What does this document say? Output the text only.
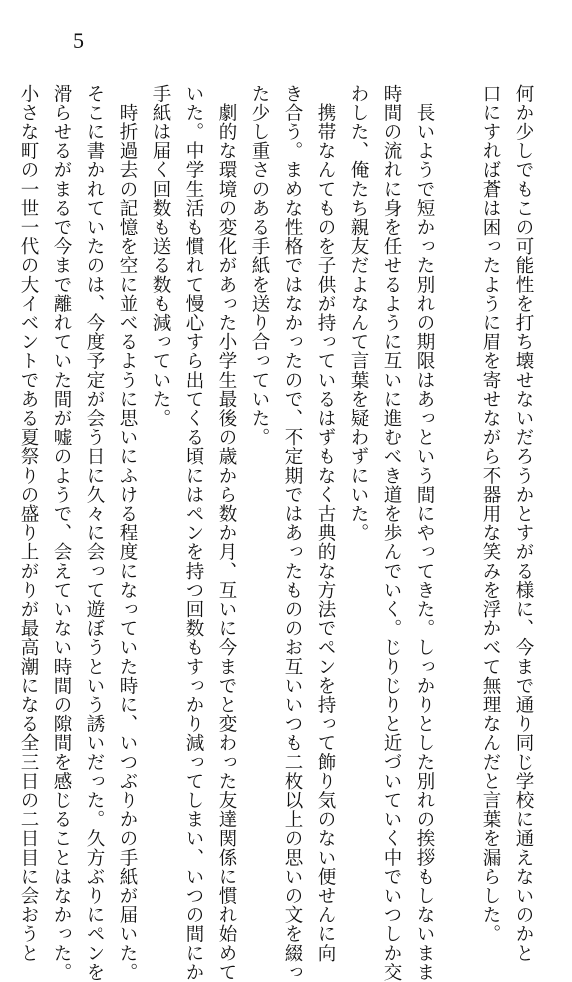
5
何か少しでもこの可能性を打ち壊せないだろうかとすがる様に、今まで通り同じ学校に通えないのかと
口にすれば蒼は困ったように眉を寄せながら不器用な笑みを浮かべて無理なんだと言葉を漏らした。
　長いようで短かった別れの期限はあっという間にやってきた。しっかりとした別れの挨拶もしないまま
時間の流れに身を任せるように互いに進むべき道を歩んでいく。じりじりと近づいていく中でいつしか交
わした、俺たち親友だよなんて言葉を疑わずにいた。
　携帯なんてものを子供が持っているはずもなく古典的な方法でペンを持って飾り気のない便せんに向
き合う。まめな性格ではなかったので、不定期ではあったもののお互いいつも二枚以上の思いの文を綴っ
た少し重さのある手紙を送り合っていた。
　劇的な環境の変化があった小学生最後の歳から数か月、互いに今までと変わった友達関係に慣れ始めて
いた。中学生活も慣れて慢心すら出てくる頃にはペンを持つ回数もすっかり減ってしまい、いつの間にか
手紙は届く回数も送る数も減っていた。
　時折過去の記憶を空に並べるように思いにふける程度になっていた時に、いつぶりかの手紙が届いた。
そこに書かれていたのは、今度予定が会う日に久々に会って遊ぼうという誘いだった。久方ぶりにペンを
滑らせるがまるで今まで離れていた間が嘘のようで、会えていない時間の隙間を感じることはなかった。
小さな町の一世一代の大イベントである夏祭りの盛り上がりが最高潮になる全三日の二日目に会おうと
